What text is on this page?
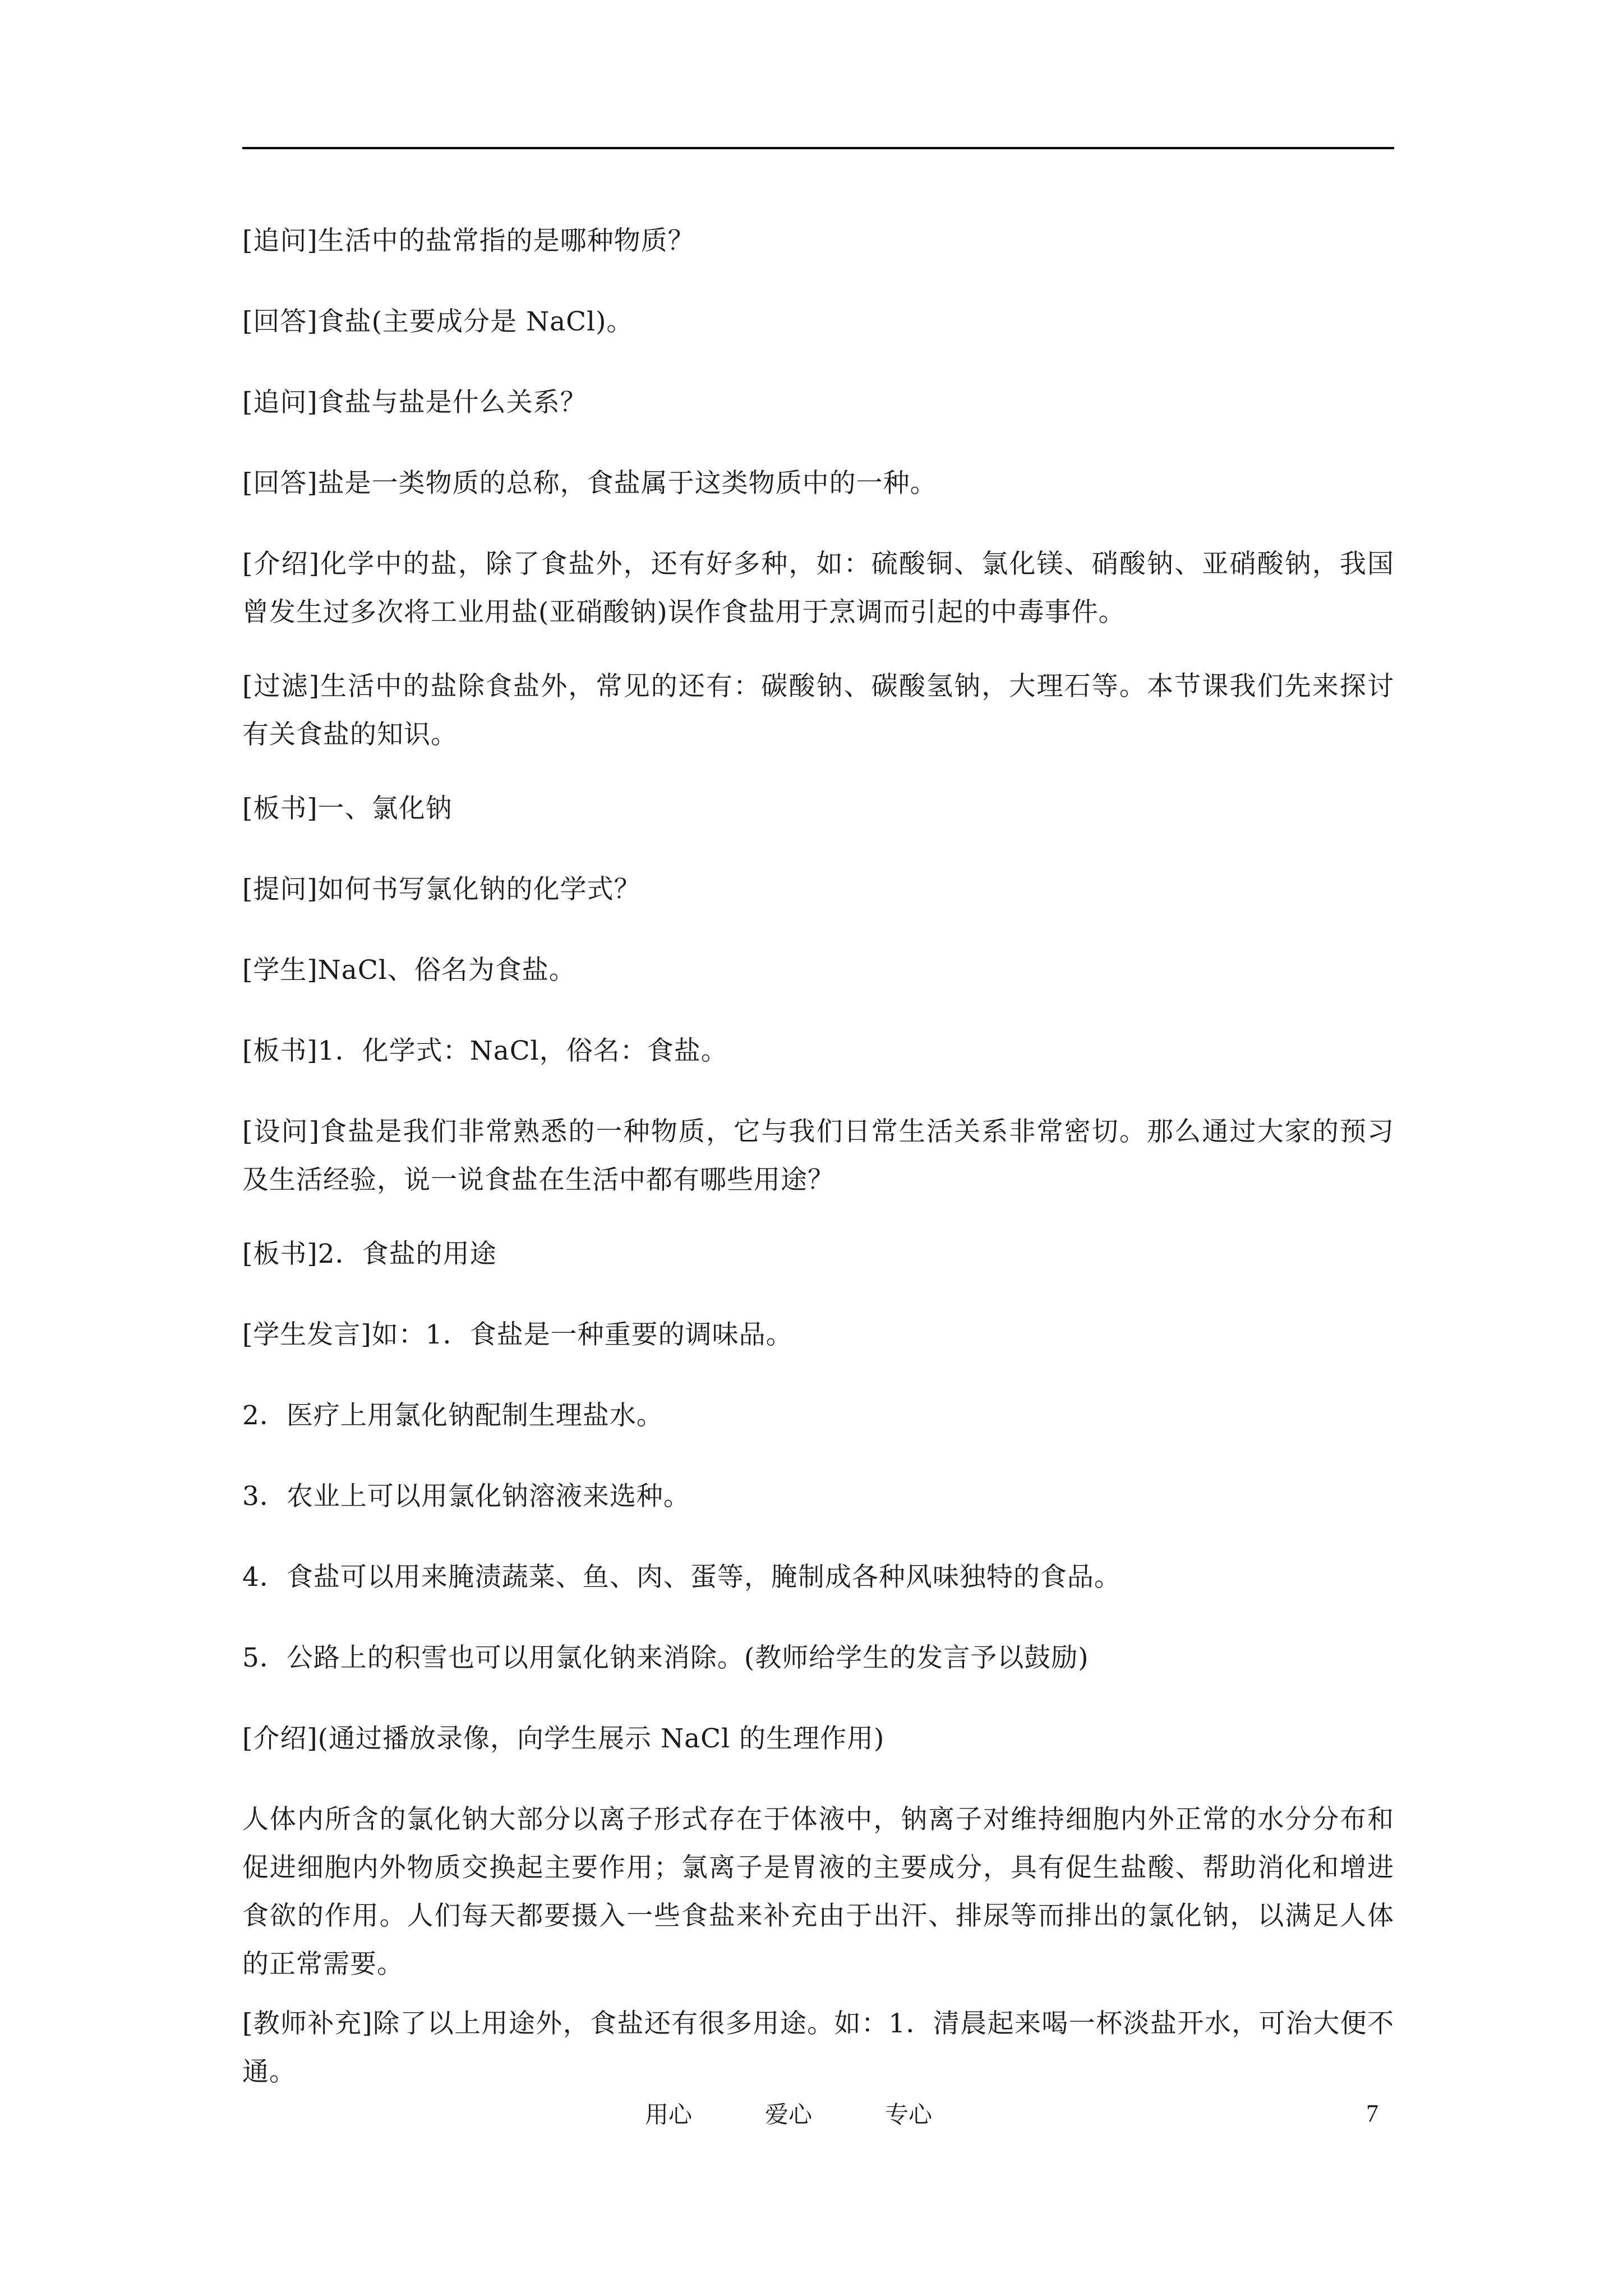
[追问]生活中的盐常指的是哪种物质？

[回答]食盐(主要成分是 NaCl)。

[追问]食盐与盐是什么关系？

[回答]盐是一类物质的总称，食盐属于这类物质中的一种。

[介绍]化学中的盐，除了食盐外，还有好多种，如：硫酸铜、氯化镁、硝酸钠、亚硝酸钠，我国曾发生过多次将工业用盐(亚硝酸钠)误作食盐用于烹调而引起的中毒事件。

[过滤]生活中的盐除食盐外，常见的还有：碳酸钠、碳酸氢钠，大理石等。本节课我们先来探讨有关食盐的知识。

[板书]一、氯化钠

[提问]如何书写氯化钠的化学式？

[学生]NaCl、俗名为食盐。

[板书]1．化学式：NaCl，俗名：食盐。

[设问]食盐是我们非常熟悉的一种物质，它与我们日常生活关系非常密切。那么通过大家的预习及生活经验，说一说食盐在生活中都有哪些用途？

[板书]2．食盐的用途

[学生发言]如：1．食盐是一种重要的调味品。

2．医疗上用氯化钠配制生理盐水。

3．农业上可以用氯化钠溶液来选种。

4．食盐可以用来腌渍蔬菜、鱼、肉、蛋等，腌制成各种风味独特的食品。

5．公路上的积雪也可以用氯化钠来消除。(教师给学生的发言予以鼓励)

[介绍](通过播放录像，向学生展示 NaCl 的生理作用)

人体内所含的氯化钠大部分以离子形式存在于体液中，钠离子对维持细胞内外正常的水分分布和促进细胞内外物质交换起主要作用；氯离子是胃液的主要成分，具有促生盐酸、帮助消化和增进食欲的作用。人们每天都要摄入一些食盐来补充由于出汗、排尿等而排出的氯化钠，以满足人体的正常需要。

[教师补充]除了以上用途外，食盐还有很多用途。如：1．清晨起来喝一杯淡盐开水，可治大便不通。

用心	爱心	专心	7
